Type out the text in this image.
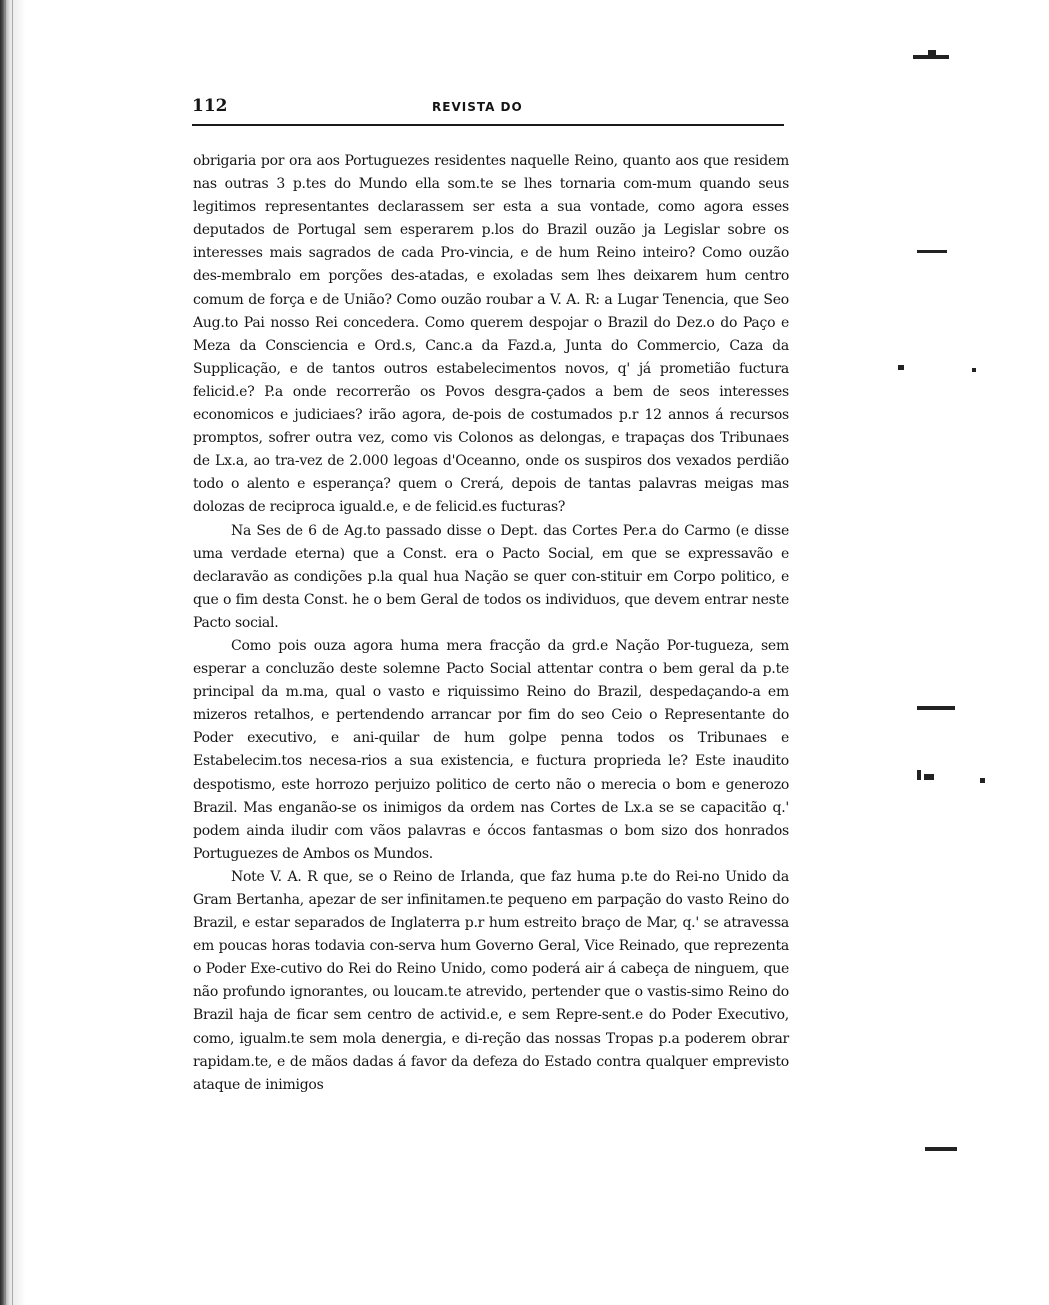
112	REVISTA DO

obrigaria por ora aos Portuguezes residentes naquelle Reino, quanto aos que residem nas outras 3 p.tes do Mundo ella som.te se lhes tornaria com-mum quando seus legitimos representantes declarassem ser esta a sua vontade, como agora esses deputados de Portugal sem esperarem p.los do Brazil ouzão ja Legislar sobre os interesses mais sagrados de cada Pro-vincia, e de hum Reino inteiro? Como ouzão des-membralo em porções des-atadas, e exoladas sem lhes deixarem hum centro comum de força e de União? Como ouzão roubar a V. A. R: a Lugar Tenencia, que Seo Aug.to Pai nosso Rei concedera. Como querem despojar o Brazil do Dez.o do Paço e Meza da Consciencia e Ord.s, Canc.a da Fazd.a, Junta do Commercio, Caza da Supplicação, e de tantos outros estabelecimentos novos, q' já prometião fuctura felicid.e? P.a onde recorrerão os Povos desgra-çados a bem de seos interesses economicos e judiciaes? irão agora, de-pois de costumados p.r 12 annos á recursos promptos, sofrer outra vez, como vis Colonos as delongas, e trapaças dos Tribunaes de Lx.a, ao tra-vez de 2.000 legoas d'Oceanno, onde os suspiros dos vexados perdião todo o alento e esperança? quem o Crerá, depois de tantas palavras meigas mas dolozas de reciproca iguald.e, e de felicid.es fucturas?

Na Ses de 6 de Ag.to passado disse o Dept. das Cortes Per.a do Carmo (e disse uma verdade eterna) que a Const. era o Pacto Social, em que se expressavão e declaravão as condições p.la qual hua Nação se quer con-stituir em Corpo politico, e que o fim desta Const. he o bem Geral de todos os individuos, que devem entrar neste Pacto social.

Como pois ouza agora huma mera fracção da grd.e Nação Por-tugueza, sem esperar a concluzão deste solemne Pacto Social attentar contra o bem geral da p.te principal da m.ma, qual o vasto e riquissimo Reino do Brazil, despedaçando-a em mizeros retalhos, e pertendendo arrancar por fim do seo Ceio o Representante do Poder executivo, e ani-quilar de hum golpe penna todos os Tribunaes e Estabelecim.tos necesa-rios a sua existencia, e fuctura proprieda le? Este inaudito despotismo, este horrozo perjuizo politico de certo não o merecia o bom e generozo Brazil. Mas enganão-se os inimigos da ordem nas Cortes de Lx.a se se capacitão q.' podem ainda iludir com vãos palavras e óccos fantasmas o bom sizo dos honrados Portuguezes de Ambos os Mundos.

Note V. A. R que, se o Reino de Irlanda, que faz huma p.te do Rei-no Unido da Gram Bertanha, apezar de ser infinitamen.te pequeno em parpação do vasto Reino do Brazil, e estar separados de Inglaterra p.r hum estreito braço de Mar, q.' se atravessa em poucas horas todavia con-serva hum Governo Geral, Vice Reinado, que reprezenta o Poder Exe-cutivo do Rei do Reino Unido, como poderá air á cabeça de ninguem, que não profundo ignorantes, ou loucam.te atrevido, pertender que o vastis-simo Reino do Brazil haja de ficar sem centro de activid.e, e sem Repre-sent.e do Poder Executivo, como, igualm.te sem mola denergia, e di-reção das nossas Tropas p.a poderem obrar rapidam.te, e de mãos dadas á favor da defeza do Estado contra qualquer emprevisto ataque de inimigos
